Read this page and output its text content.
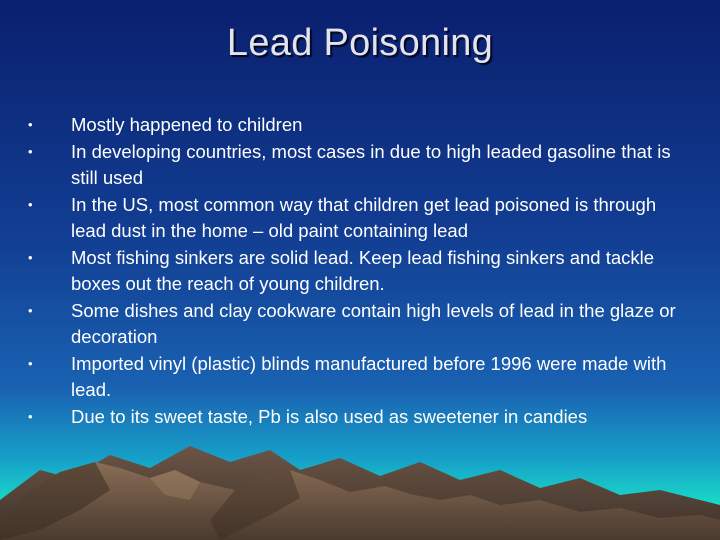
Lead Poisoning
• Mostly happened to children
• In developing countries, most cases in due to high leaded gasoline that is still used
• In the US, most common way that children get lead poisoned is through lead dust in the home – old paint containing lead
• Most fishing sinkers are solid lead. Keep lead fishing sinkers and tackle boxes out the reach of young children.
• Some dishes and clay cookware contain high levels of lead in the glaze or decoration
• Imported vinyl (plastic) blinds manufactured before 1996 were made with lead.
• Due to its sweet taste, Pb is also used as sweetener in candies
